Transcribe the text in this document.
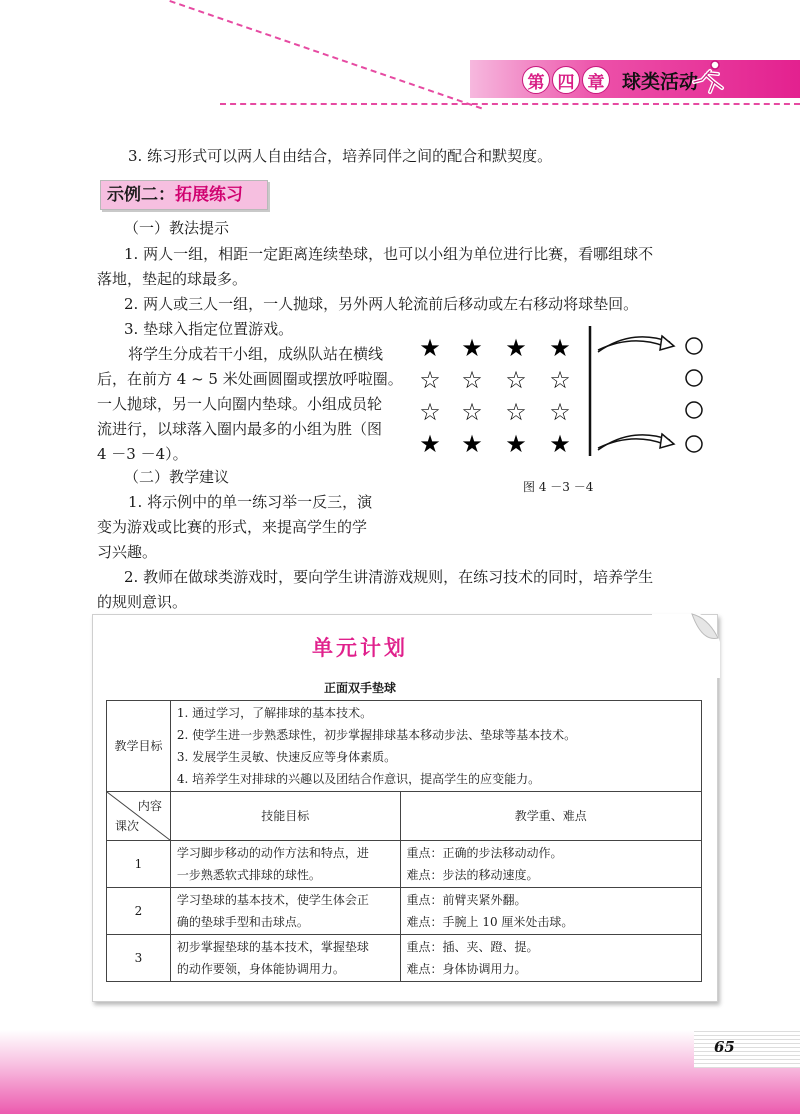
第 四 章 球类活动
3. 练习形式可以两人自由结合，培养同伴之间的配合和默契度。
示例二：拓展练习
（一）教法提示
1. 两人一组，相距一定距离连续垫球，也可以小组为单位进行比赛，看哪组球不
落地，垫起的球最多。
2. 两人或三人一组，一人抛球，另外两人轮流前后移动或左右移动将球垫回。
3. 垫球入指定位置游戏。
将学生分成若干小组，成纵队站在横线
后，在前方 4 ~ 5 米处画圆圈或摆放呼啦圈。
一人抛球，另一人向圈内垫球。小组成员轮
流进行，以球落入圈内最多的小组为胜（图
4 －3 －4）。
（二）教学建议
1. 将示例中的单一练习举一反三，演
变为游戏或比赛的形式，来提高学生的学
习兴趣。
2. 教师在做球类游戏时，要向学生讲清游戏规则，在练习技术的同时，培养学生
的规则意识。
★ ★ ★ ★
☆ ☆ ☆ ☆
☆ ☆ ☆ ☆
★ ★ ★ ★
图 4 －3 －4
单元计划
正面双手垫球
教学目标	1. 通过学习，了解排球的基本技术。
2. 使学生进一步熟悉球性，初步掌握排球基本移动步法、垫球等基本技术。
3. 发展学生灵敏、快速反应等身体素质。
4. 培养学生对排球的兴趣以及团结合作意识，提高学生的应变能力。	

内容
课次	技能目标	教学重、难点
1	学习脚步移动的动作方法和特点，进
一步熟悉软式排球的球性。	重点：正确的步法移动动作。
难点：步法的移动速度。

2	学习垫球的基本技术，使学生体会正
确的垫球手型和击球点。	重点：前臂夹紧外翻。
难点：手腕上 10 厘米处击球。

3	初步掌握垫球的基本技术，掌握垫球
的动作要领，身体能协调用力。	重点：插、夹、蹬、提。
难点：身体协调用力。
65
